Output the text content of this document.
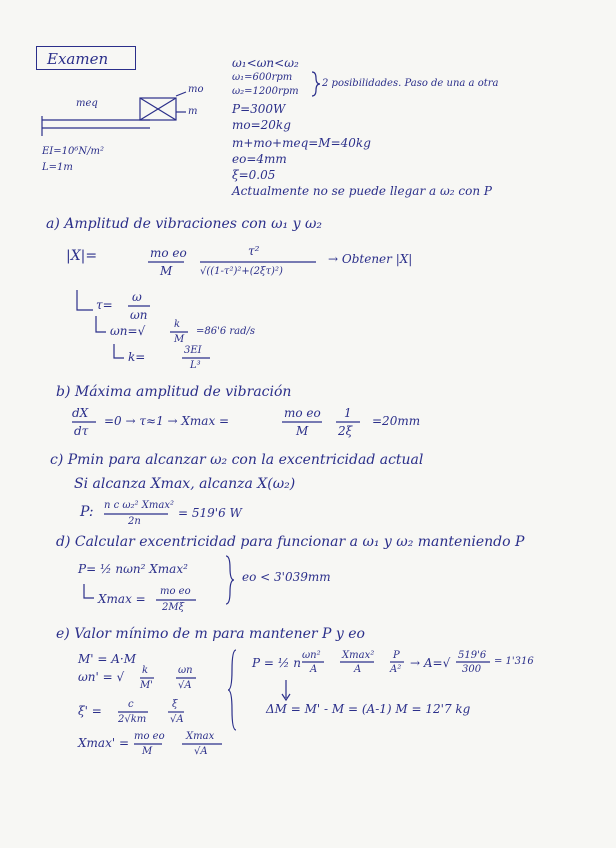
Examen
meq
mo
m
EI=10⁶N/m²
L=1m
ω₁<ωn<ω₂
ω₁=600rpm
ω₂=1200rpm
2 posibilidades. Paso de una a otra
P=300W
mo=20kg
m+mo+meq=M=40kg
eo=4mm
ξ=0.05
Actualmente no se puede llegar a ω₂ con P
a) Amplitud de vibraciones con ω₁ y ω₂
|X|=	mo eo
M
τ²
√((1-τ²)²+(2ξτ)²)
→ Obtener |X|
τ=
ω
ωn
ωn=√	k
M
=86'6 rad/s
k=	3EI
L³
b) Máxima amplitud de vibración
dX
dτ
=0 → τ≈1 → Xmax =
mo eo
M
1
2ξ
=20mm
c) Pmin para alcanzar ω₂ con la excentricidad actual
Si alcanza Xmax, alcanza X(ω₂)
P: n c ω₂² Xmax²
2n
= 519'6 W
d) Calcular excentricidad para funcionar a ω₁ y ω₂ manteniendo P
P= ½ nωn² Xmax²
Xmax =
mo eo
2Mξ
eo < 3'039mm
e) Valor mínimo de m para mantener P y eo
M' = A·M
ωn' = √ k
M'
ωn
√A
ξ' =	c
2√km
ξ
√A
Xmax' = mo eo
M
Xmax
√A
P = ½ n
ωn²
A
Xmax²
A
P
A² → A=√
519'6
300
= 1'316
ΔM = M' - M = (A-1) M = 12'7 kg
